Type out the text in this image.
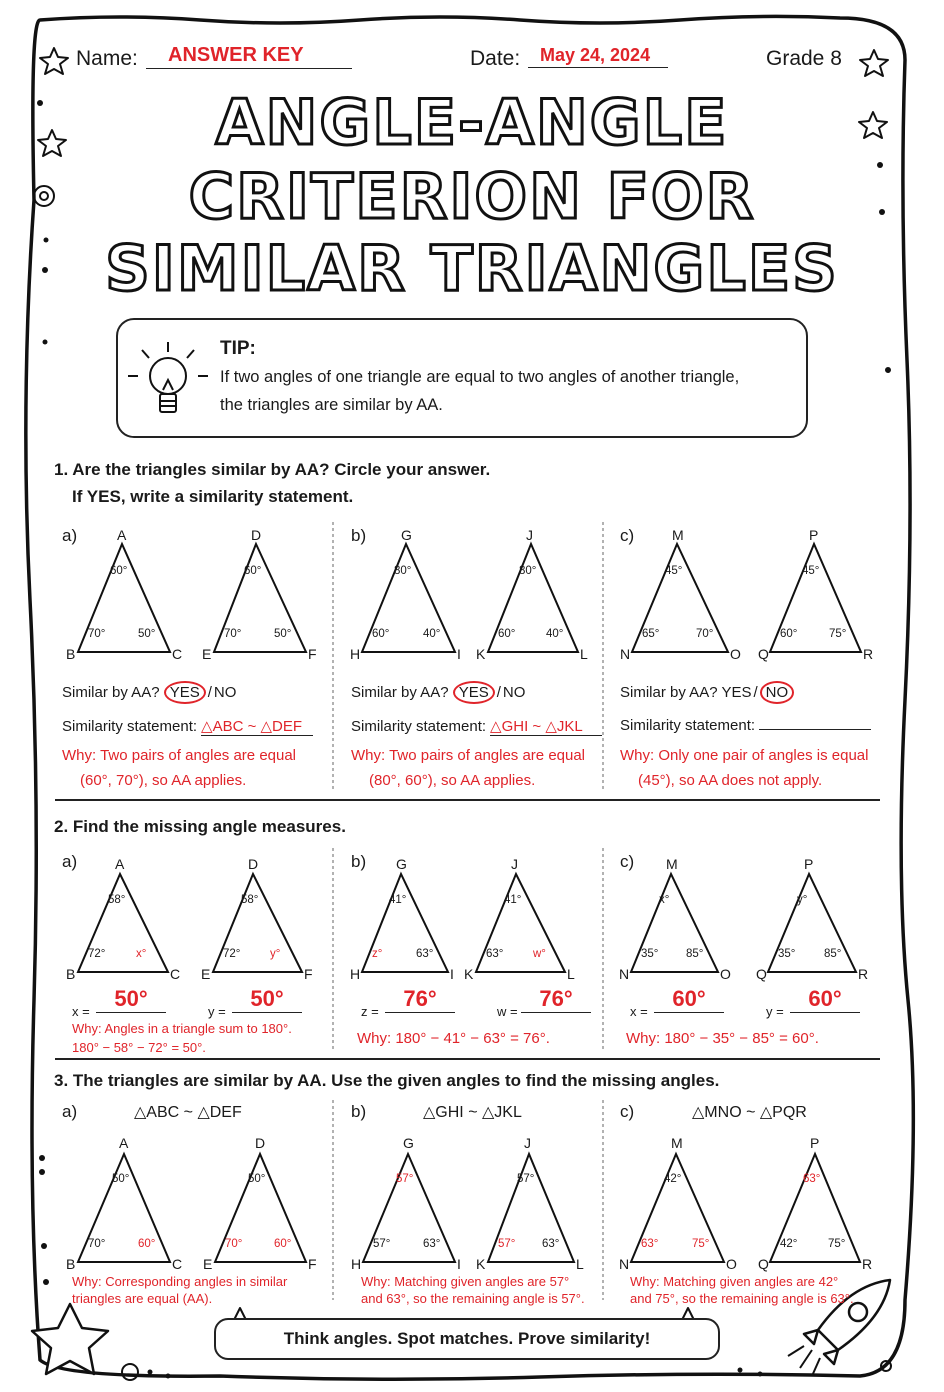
Name:	ANSWER KEY	Date:	May 24, 2024	Grade 8
ANGLE-ANGLE
CRITERION FOR
SIMILAR TRIANGLES
TIP:
If two angles of one triangle are equal to two angles of another triangle,
the triangles are similar by AA.
1. Are the triangles similar by AA? Circle your answer.
If YES, write a similarity statement.
a)	A
B	C
60°
70°	50°
D
E	F
60°
70°	50°
Similar by AA? YES / NO
Similarity statement: △ABC ~ △DEF
Why: Two pairs of angles are equal
(60°, 70°), so AA applies.
b) G
H	I
80°
60°	40°
J
K	L
80°
60°	40°
Similar by AA? YES / NO
Similarity statement: △GHI ~ △JKL
Why: Two pairs of angles are equal
(80°, 60°), so AA applies.
c)	M
N	O
45°
65°	70°
P
Q	R
45°
60°	75°
Similar by AA? YES / NO
Similarity statement:
Why: Only one pair of angles is equal
(45°), so AA does not apply.
2. Find the missing angle measures.
a)	A
B	C
58°
72°	x°
D
E	F
58°
72°	y°
x =
50°
y =
50°
Why: Angles in a triangle sum to 180°.
180° − 58° − 72° = 50°.
b) G
H	I
41°
z°	63°
J
K	L
41°
63°	w°
z =
76°
w =
76°
Why: 180° − 41° − 63° = 76°.
c) M
N	O
x°
35° 85°
P
Q	R
y°
35° 85°
x =
60°
y =
60°
Why: 180° − 35° − 85° = 60°.
3. The triangles are similar by AA. Use the given angles to find the missing angles.
a)	△ABC ~ △DEF
A
B	C
50°
70°	60°
D
E	F
50°
70°	60°
Why: Corresponding angles in similar
triangles are equal (AA).
b)	△GHI ~ △JKL
G
H	I
57°
57°	63°
J
K	L
57°
57° 63°
Why: Matching given angles are 57°
and 63°, so the remaining angle is 57°.
c)	△MNO ~ △PQR
M
N	O
42°
63°	75°
P
Q	R
63°
42°	75°
Why: Matching given angles are 42°
and 75°, so the remaining angle is 63°.
Think angles. Spot matches. Prove similarity!
